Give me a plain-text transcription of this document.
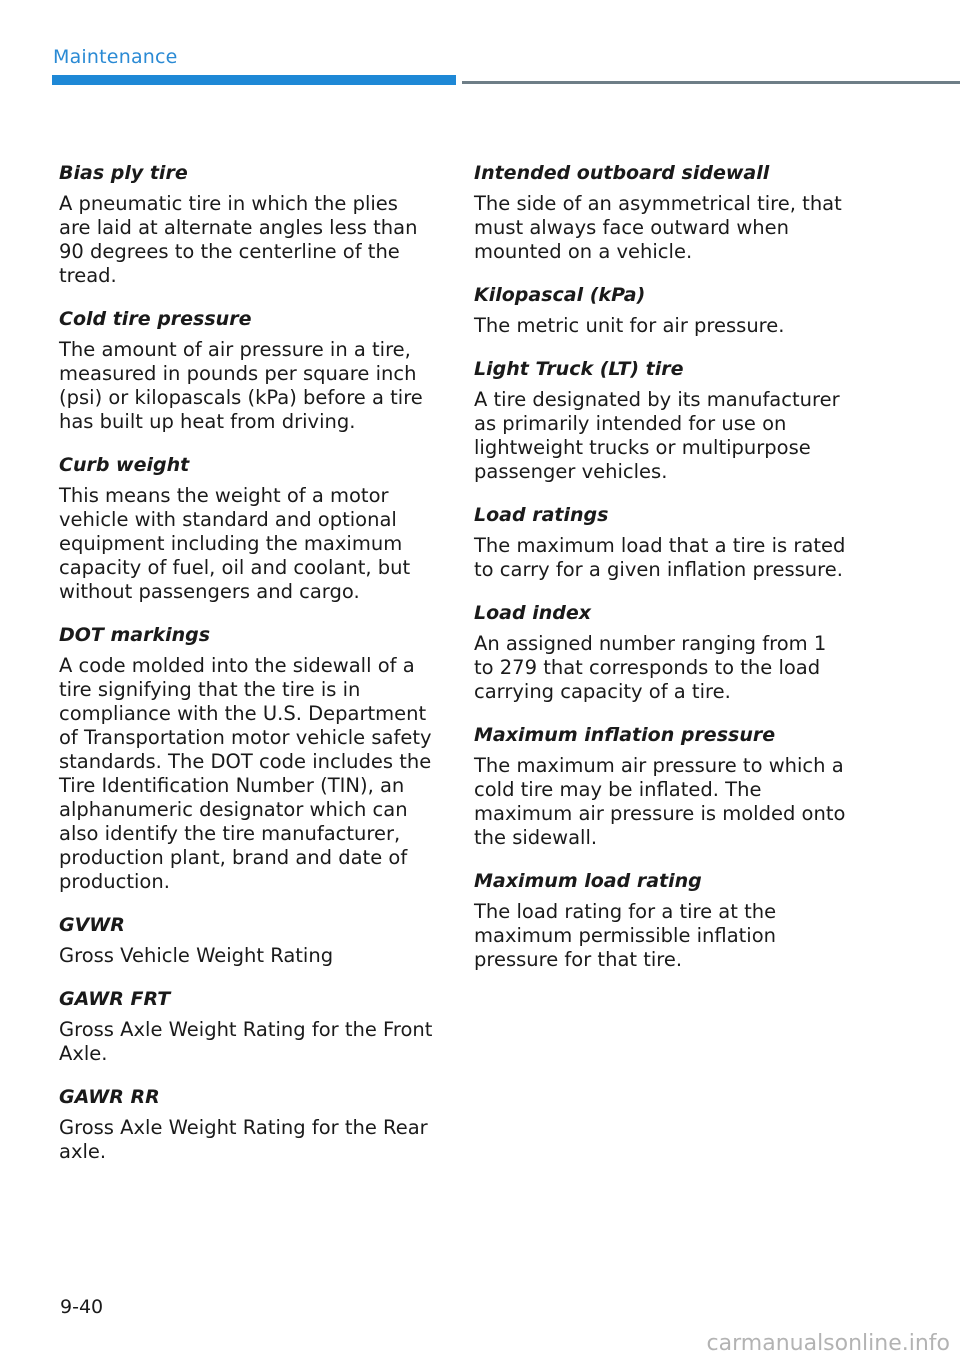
Maintenance
Bias ply tire
A pneumatic tire in which the plies are laid at alternate angles less than 90 degrees to the centerline of the tread.
Cold tire pressure
The amount of air pressure in a tire, measured in pounds per square inch (psi) or kilopascals (kPa) before a tire has built up heat from driving.
Curb weight
This means the weight of a motor vehicle with standard and optional equipment including the maximum capacity of fuel, oil and coolant, but without passengers and cargo.
DOT markings
A code molded into the sidewall of a tire signifying that the tire is in compliance with the U.S. Department of Transportation motor vehicle safety standards. The DOT code includes the Tire Identification Number (TIN), an alphanumeric designator which can also identify the tire manufacturer, production plant, brand and date of production.
GVWR
Gross Vehicle Weight Rating
GAWR FRT
Gross Axle Weight Rating for the Front Axle.
GAWR RR
Gross Axle Weight Rating for the Rear axle.
Intended outboard sidewall
The side of an asymmetrical tire, that must always face outward when mounted on a vehicle.
Kilopascal (kPa)
The metric unit for air pressure.
Light Truck (LT) tire
A tire designated by its manufacturer as primarily intended for use on lightweight trucks or multipurpose passenger vehicles.
Load ratings
The maximum load that a tire is rated to carry for a given inflation pressure.
Load index
An assigned number ranging from 1 to 279 that corresponds to the load carrying capacity of a tire.
Maximum inflation pressure
The maximum air pressure to which a cold tire may be inflated. The maximum air pressure is molded onto the sidewall.
Maximum load rating
The load rating for a tire at the maximum permissible inflation pressure for that tire.
9-40
carmanualsonline.info
